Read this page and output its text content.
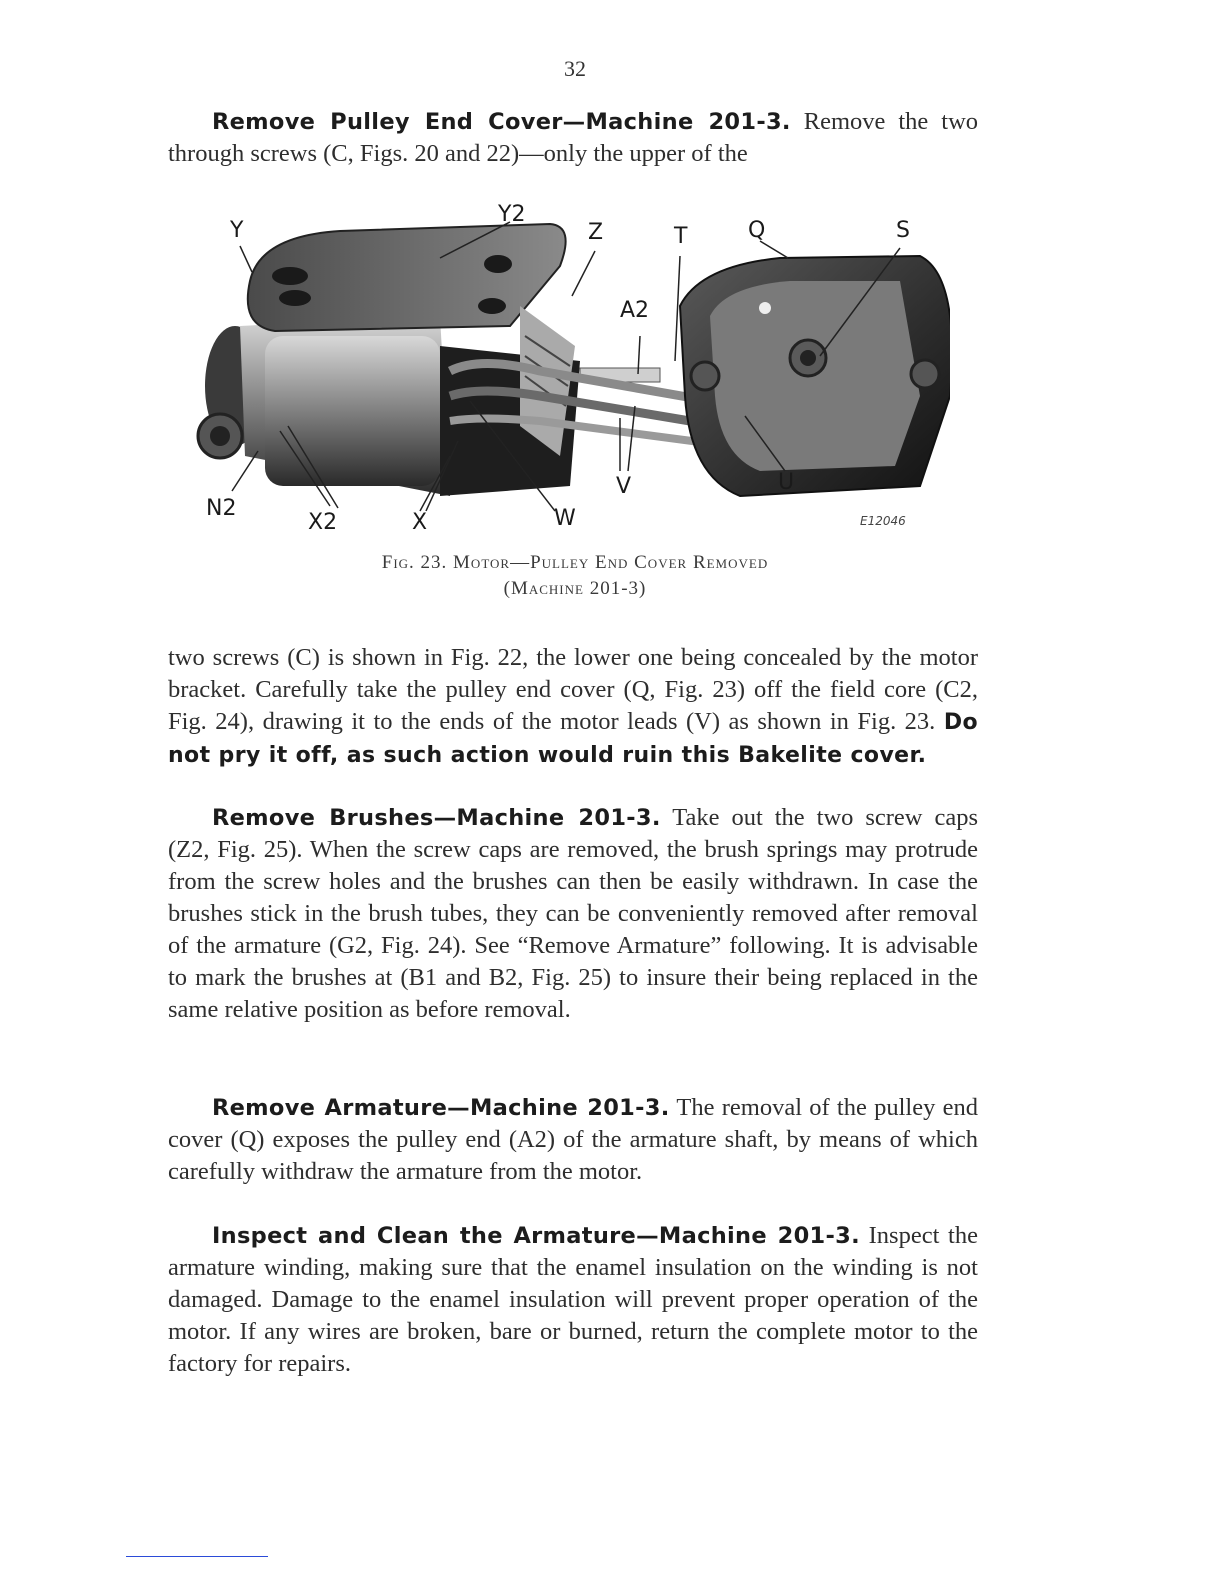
32

Remove Pulley End Cover—Machine 201-3. Remove the two through screws (C, Figs. 20 and 22)—only the upper of the

Y
Y2
Z	T	Q	S
A2
N2
X2	X	W
V	U
E12046
Fig. 23. Motor—Pulley End Cover Removed
(Machine 201-3)

two screws (C) is shown in Fig. 22, the lower one being concealed by the motor bracket. Carefully take the pulley end cover (Q, Fig. 23) off the field core (C2, Fig. 24), drawing it to the ends of the motor leads (V) as shown in Fig. 23. Do not pry it off, as such action would ruin this Bakelite cover.

Remove Brushes—Machine 201-3. Take out the two screw caps (Z2, Fig. 25). When the screw caps are removed, the brush springs may protrude from the screw holes and the brushes can then be easily withdrawn. In case the brushes stick in the brush tubes, they can be conveniently removed after removal of the armature (G2, Fig. 24). See “Remove Armature” following. It is advisable to mark the brushes at (B1 and B2, Fig. 25) to insure their being replaced in the same relative position as before removal.

Remove Armature—Machine 201-3. The removal of the pulley end cover (Q) exposes the pulley end (A2) of the armature shaft, by means of which carefully withdraw the armature from the motor.

Inspect and Clean the Armature—Machine 201-3. Inspect the armature winding, making sure that the enamel insulation on the winding is not damaged. Damage to the enamel insulation will prevent proper operation of the motor. If any wires are broken, bare or burned, return the complete motor to the factory for repairs.
